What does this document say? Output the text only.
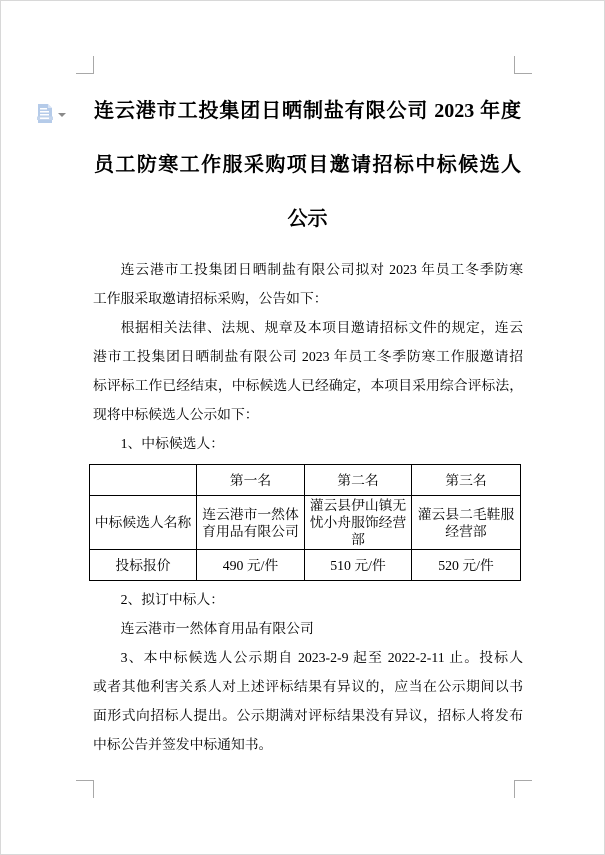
连云港市工投集团日晒制盐有限公司 2023 年度
员工防寒工作服采购项目邀请招标中标候选人
公示
连云港市工投集团日晒制盐有限公司拟对 2023 年员工冬季防寒
工作服采取邀请招标采购，公告如下：
根据相关法律、法规、规章及本项目邀请招标文件的规定，连云
港市工投集团日晒制盐有限公司 2023 年员工冬季防寒工作服邀请招
标评标工作已经结束，中标候选人已经确定，本项目采用综合评标法，
现将中标候选人公示如下：
1、中标候选人：
	第一名	第二名	第三名
中标候选人名称	连云港市一然体育用品有限公司	灌云县伊山镇无忧小舟服饰经营部	灌云县二毛鞋服经营部
投标报价	490 元/件	510 元/件	520 元/件
2、拟订中标人：
连云港市一然体育用品有限公司
3、本中标候选人公示期自 2023-2-9 起至 2022-2-11 止。投标人
或者其他利害关系人对上述评标结果有异议的，应当在公示期间以书
面形式向招标人提出。公示期满对评标结果没有异议，招标人将发布
中标公告并签发中标通知书。
